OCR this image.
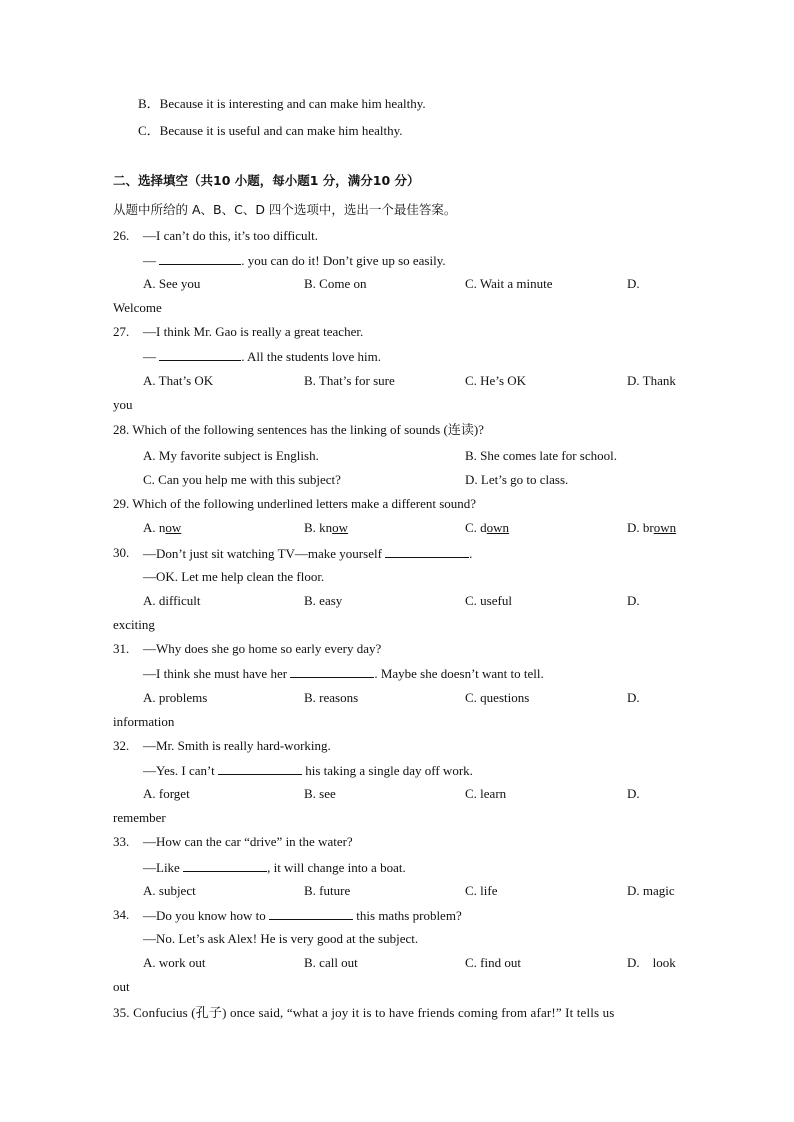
B．Because it is interesting and can make him healthy.
C．Because it is useful and can make him healthy.
二、选择填空（共10 小题，每小题1 分，满分10 分）
从题中所给的 A、B、C、D 四个选项中，选出一个最佳答案。
26. —I can’t do this, it’s too difficult.
—	. you can do it! Don’t give up so easily.
A. See you	B. Come on	C. Wait a minute	D.
Welcome
27. —I think Mr. Gao is really a great teacher.
—	. All the students love him.
A. That’s OK	B. That’s for sure	C. He’s OK	D. Thank
you
28. Which of the following sentences has the linking of sounds (连读)?
A. My favorite subject is English.	B. She comes late for school.
C. Can you help me with this subject?	D. Let’s go to class.
29. Which of the following underlined letters make a different sound?
A. now	B. know	C. down	D. brown
30. —Don’t just sit watching TV—make yourself	.
—OK. Let me help clean the floor.
A. difficult	B. easy	C. useful	D.
exciting
31. —Why does she go home so early every day?
—I think she must have her	. Maybe she doesn’t want to tell.
A. problems	B. reasons	C. questions	D.
information
32. —Mr. Smith is really hard-working.
—Yes. I can’t	his taking a single day off work.
A. forget	B. see	C. learn	D.
remember
33. —How can the car “drive” in the water?
—Like	, it will change into a boat.
A. subject	B. future	C. life	D. magic
34. —Do you know how to	this maths problem?
—No. Let’s ask Alex! He is very good at the subject.
A. work out	B. call out	C. find out	D.    look
out
35. Confucius (孔子) once said, “what a joy it is to have friends coming from afar!” It tells us
